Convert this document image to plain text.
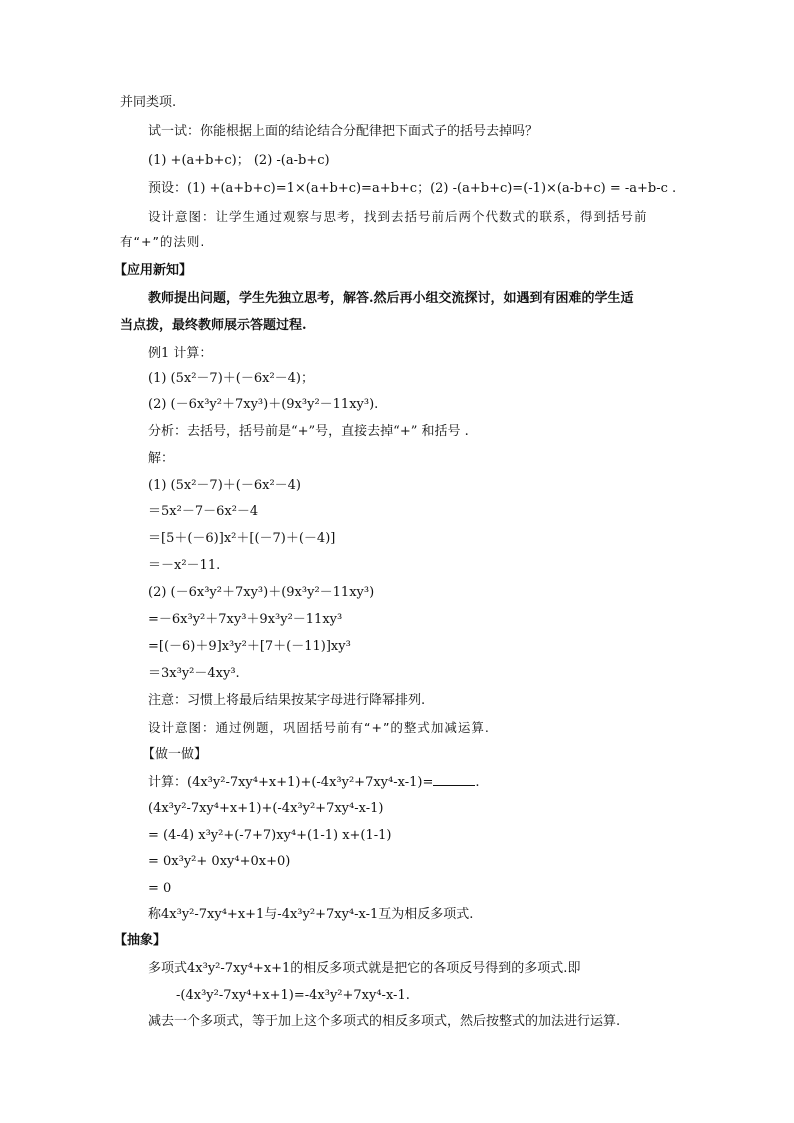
并同类项.
试一试：你能根据上面的结论结合分配律把下面式子的括号去掉吗？
(1) +(a+b+c)； (2) -(a-b+c)
预设：(1) +(a+b+c)=1×(a+b+c)=a+b+c；(2) -(a+b+c)=(-1)×(a-b+c) = -a+b-c .
设计意图：让学生通过观察与思考，找到去括号前后两个代数式的联系，得到括号前
有“+”的法则.
【应用新知】
教师提出问题，学生先独立思考，解答.然后再小组交流探讨，如遇到有困难的学生适
当点拨，最终教师展示答题过程.
例1 计算：
(1) (5x²－7)＋(－6x²－4)；
(2) (－6x³y²＋7xy³)＋(9x³y²－11xy³).
分析：去括号，括号前是“+”号，直接去掉“+” 和括号 .
解：
(1) (5x²－7)＋(－6x²－4)
＝5x²－7－6x²－4
＝[5＋(－6)]x²＋[(－7)＋(－4)]
＝－x²－11.
(2) (－6x³y²＋7xy³)＋(9x³y²－11xy³)
=－6x³y²＋7xy³＋9x³y²－11xy³
=[(－6)＋9]x³y²＋[7＋(－11)]xy³
＝3x³y²－4xy³.
注意：习惯上将最后结果按某字母进行降幂排列.
设计意图：通过例题，巩固括号前有“+”的整式加减运算.
【做一做】
计算：(4x³y²-7xy⁴+x+1)+(-4x³y²+7xy⁴-x-1)=	.
(4x³y²-7xy⁴+x+1)+(-4x³y²+7xy⁴-x-1)
= (4-4) x³y²+(-7+7)xy⁴+(1-1) x+(1-1)
= 0x³y²+ 0xy⁴+0x+0)
= 0
称4x³y²-7xy⁴+x+1与-4x³y²+7xy⁴-x-1互为相反多项式.
【抽象】
多项式4x³y²-7xy⁴+x+1的相反多项式就是把它的各项反号得到的多项式.即
-(4x³y²-7xy⁴+x+1)=-4x³y²+7xy⁴-x-1.
减去一个多项式，等于加上这个多项式的相反多项式，然后按整式的加法进行运算.
